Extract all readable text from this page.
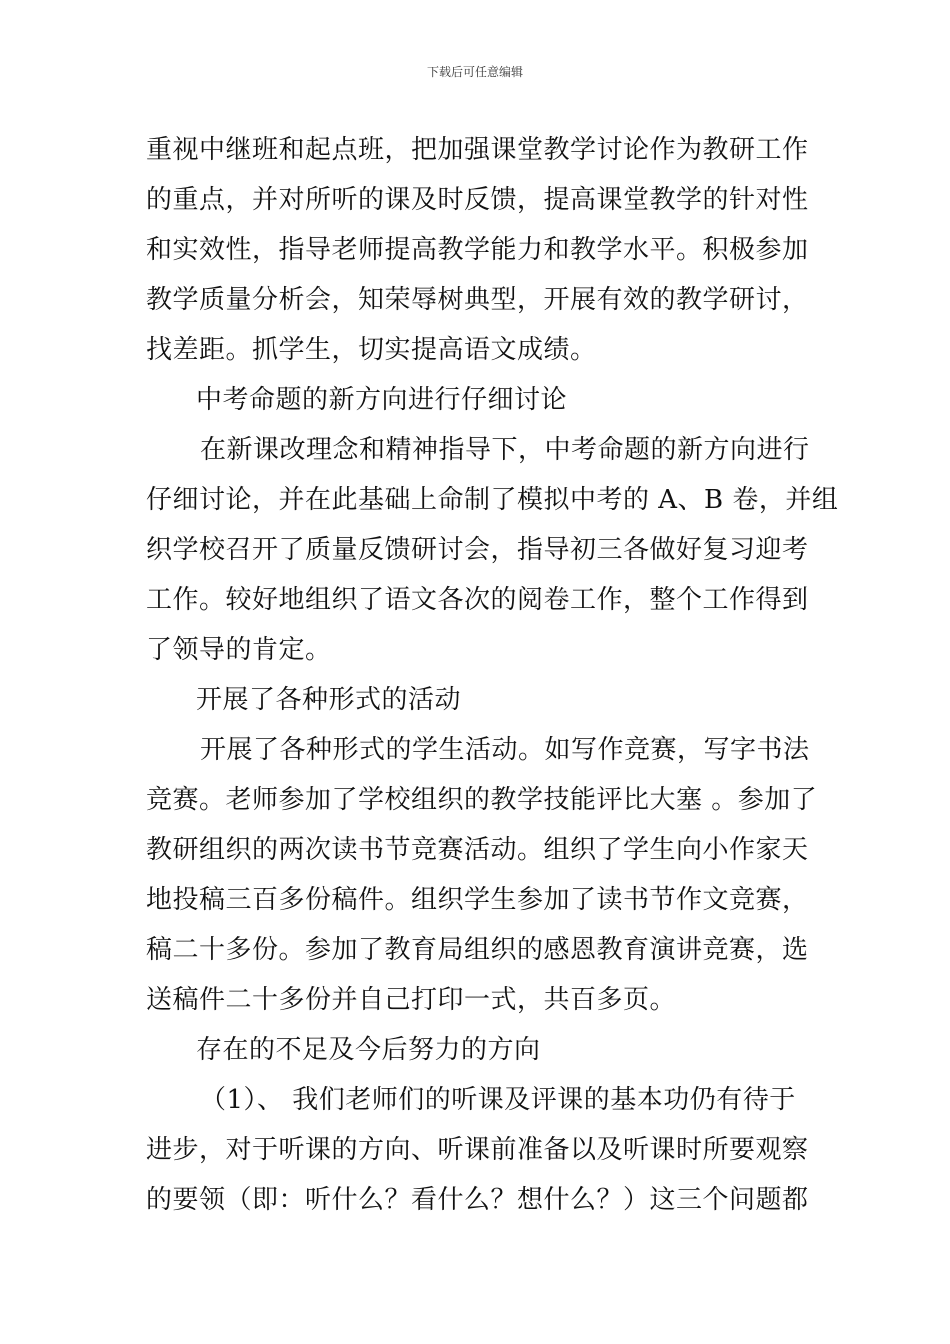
下载后可任意编辑
重视中继班和起点班，把加强课堂教学讨论作为教研工作
的重点，并对所听的课及时反馈，提高课堂教学的针对性
和实效性，指导老师提高教学能力和教学水平。积极参加
教学质量分析会，知荣辱树典型，开展有效的教学研讨，
找差距。抓学生，切实提高语文成绩。
中考命题的新方向进行仔细讨论
在新课改理念和精神指导下，中考命题的新方向进行
仔细讨论，并在此基础上命制了模拟中考的 A、B 卷，并组
织学校召开了质量反馈研讨会，指导初三各做好复习迎考
工作。较好地组织了语文各次的阅卷工作，整个工作得到
了领导的肯定。
开展了各种形式的活动
开展了各种形式的学生活动。如写作竞赛，写字书法
竞赛。老师参加了学校组织的教学技能评比大塞 。参加了
教研组织的两次读书节竞赛活动。组织了学生向小作家天
地投稿三百多份稿件。组织学生参加了读书节作文竞赛，
稿二十多份。参加了教育局组织的感恩教育演讲竞赛，选
送稿件二十多份并自己打印一式，共百多页。
存在的不足及今后努力的方向
（1）、 我们老师们的听课及评课的基本功仍有待于
进步，对于听课的方向、听课前准备以及听课时所要观察
的要领（即：听什么？看什么？想什么？）这三个问题都
